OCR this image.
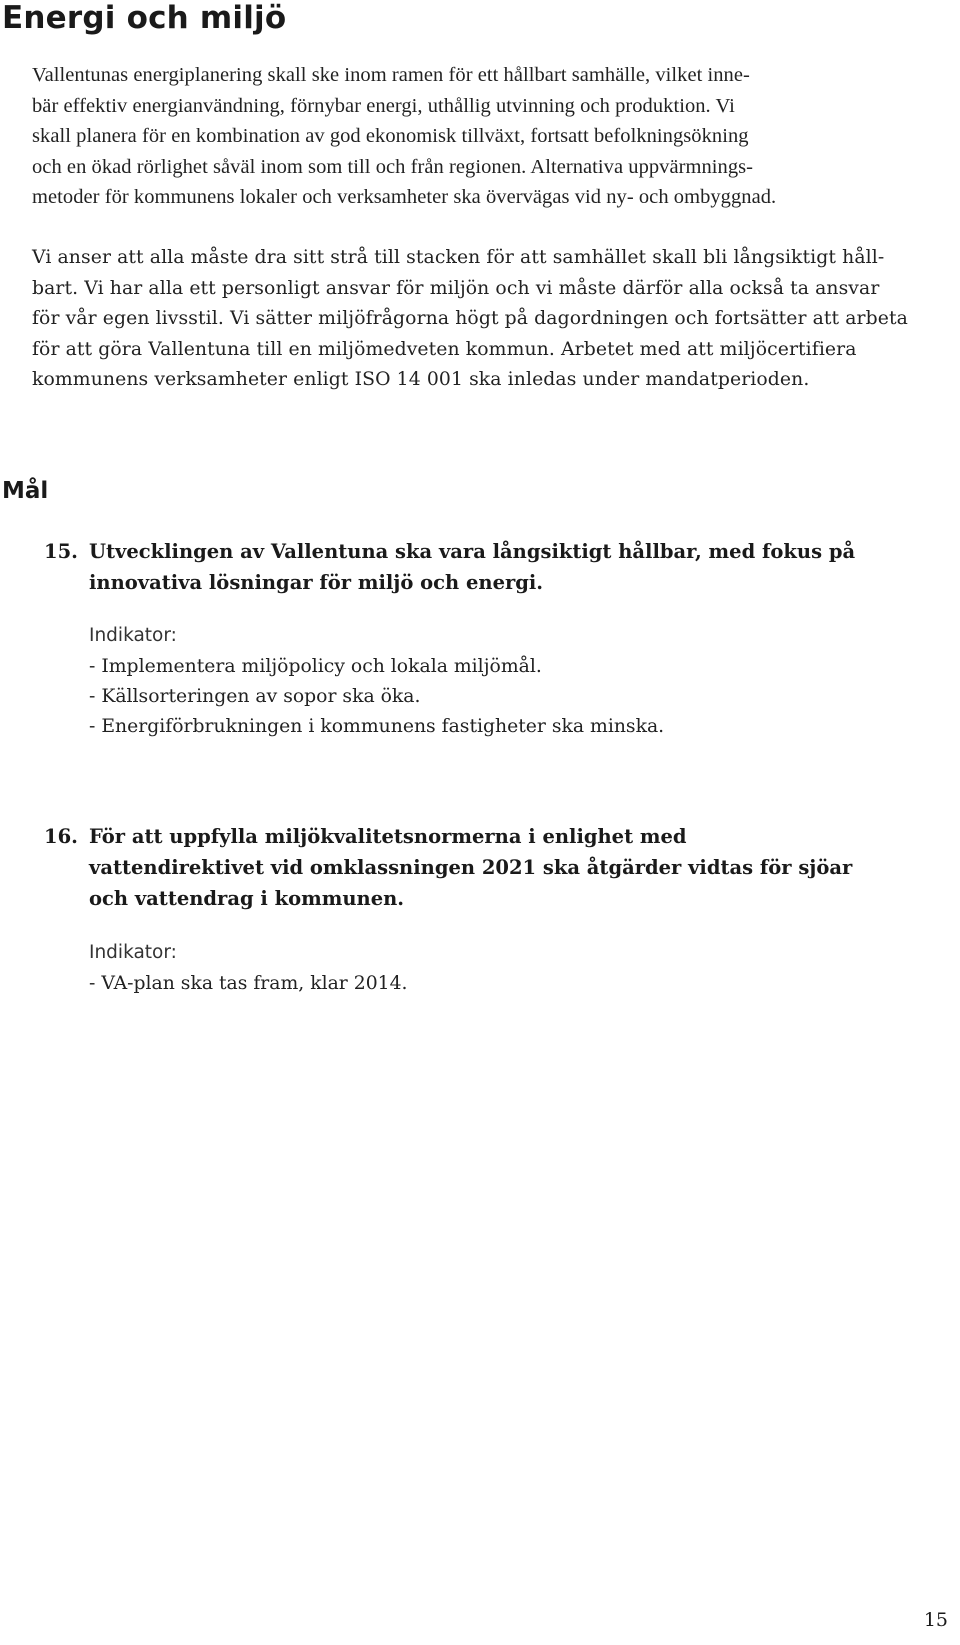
Energi och miljö
Vallentunas energiplanering skall ske inom ramen för ett hållbart samhälle, vilket inne-
bär effektiv energianvändning, förnybar energi, uthållig utvinning och produktion. Vi
skall planera för en kombination av god ekonomisk tillväxt, fortsatt befolkningsökning
och en ökad rörlighet såväl inom som till och från regionen. Alternativa uppvärmnings-
metoder för kommunens lokaler och verksamheter ska övervägas vid ny- och ombyggnad.
Vi anser att alla måste dra sitt strå till stacken för att samhället skall bli långsiktigt håll-
bart. Vi har alla ett personligt ansvar för miljön och vi måste därför alla också ta ansvar
för vår egen livsstil. Vi sätter miljöfrågorna högt på dagordningen och fortsätter att arbeta
för att göra Vallentuna till en miljömedveten kommun. Arbetet med att miljöcertifiera
kommunens verksamheter enligt ISO 14 001 ska inledas under mandatperioden.
Mål
15. Utvecklingen av Vallentuna ska vara långsiktigt hållbar, med fokus på
innovativa lösningar för miljö och energi.
Indikator:
- Implementera miljöpolicy och lokala miljömål.
- Källsorteringen av sopor ska öka.
- Energiförbrukningen i kommunens fastigheter ska minska.
16. För att uppfylla miljökvalitetsnormerna i enlighet med
vattendirektivet vid omklassningen 2021 ska åtgärder vidtas för sjöar
och vattendrag i kommunen.
Indikator:
- VA-plan ska tas fram, klar 2014.
15
